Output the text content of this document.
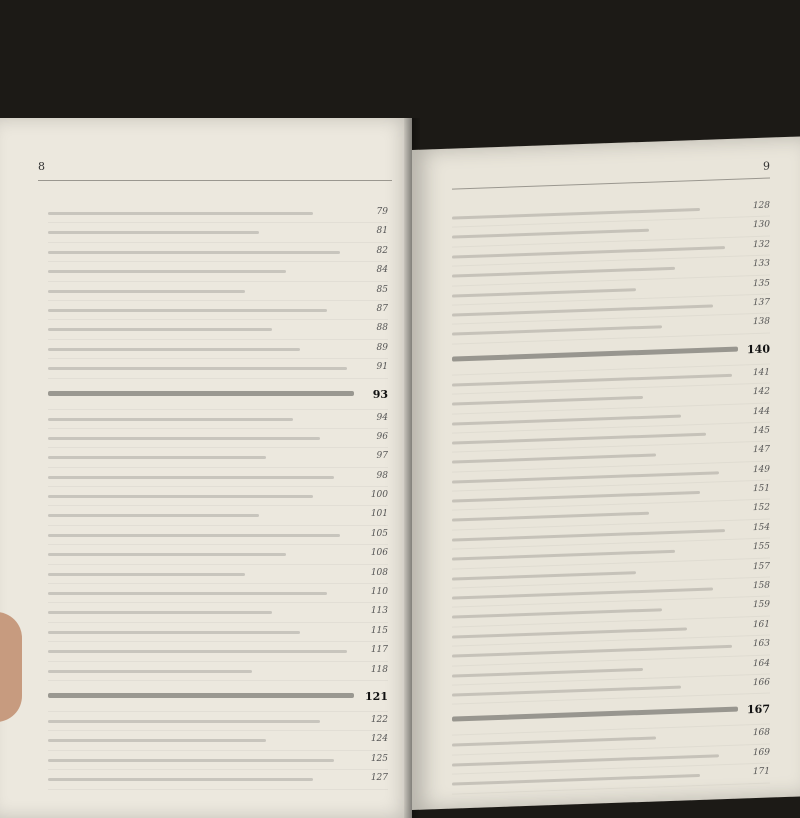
8
79
81
82
84
85
87
88
89
91
93
94
96
97
98
100
101
105
106
108
110
113
115
117
118
121
122
124
125
127
9
128
130
132
133
135
137
138
140
141
142
144
145
147
149
151
152
154
155
157
158
159
161
163
164
166
167
168
169
171
